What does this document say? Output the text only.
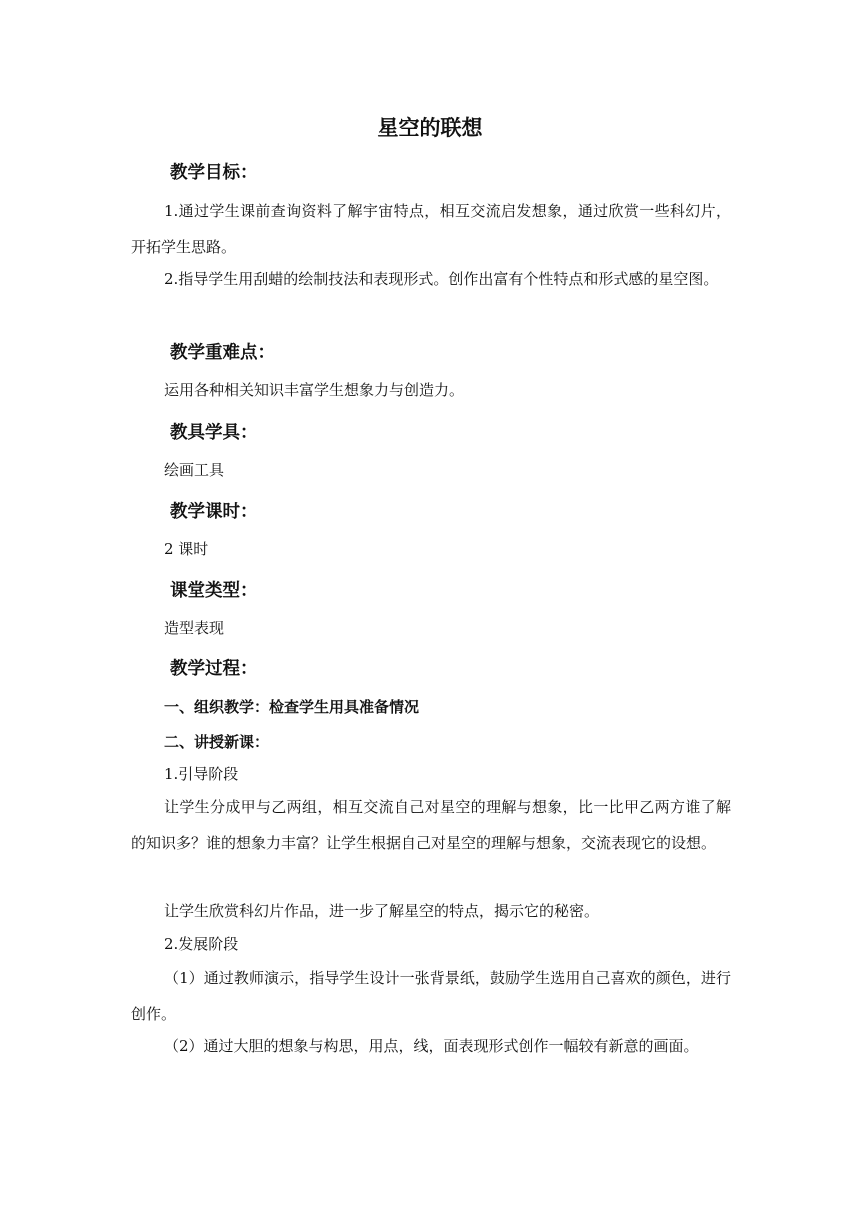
星空的联想
教学目标：
1.通过学生课前查询资料了解宇宙特点，相互交流启发想象，通过欣赏一些科幻片，开拓学生思路。
2.指导学生用刮蜡的绘制技法和表现形式。创作出富有个性特点和形式感的星空图。
教学重难点：
运用各种相关知识丰富学生想象力与创造力。
教具学具：
绘画工具
教学课时：
2 课时
课堂类型：
造型表现
教学过程：
一、组织教学：检查学生用具准备情况
二、讲授新课：
1.引导阶段
让学生分成甲与乙两组，相互交流自己对星空的理解与想象，比一比甲乙两方谁了解的知识多？谁的想象力丰富？让学生根据自己对星空的理解与想象，交流表现它的设想。
让学生欣赏科幻片作品，进一步了解星空的特点，揭示它的秘密。
2.发展阶段
（1）通过教师演示，指导学生设计一张背景纸，鼓励学生选用自己喜欢的颜色，进行创作。
（2）通过大胆的想象与构思，用点，线，面表现形式创作一幅较有新意的画面。
